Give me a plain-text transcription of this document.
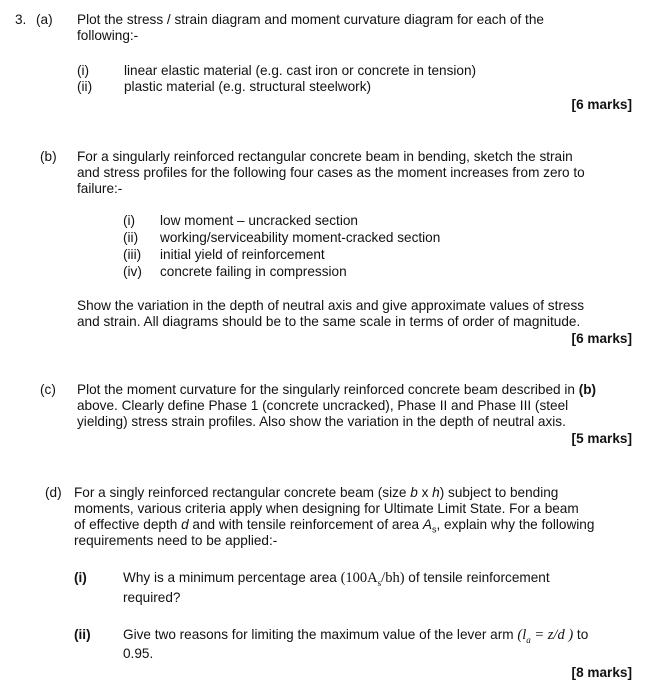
3. (a) Plot the stress / strain diagram and moment curvature diagram for each of the
following:-
(i)	linear elastic material (e.g. cast iron or concrete in tension)
(ii) plastic material (e.g. structural steelwork)
[6 marks]
(b) For a singularly reinforced rectangular concrete beam in bending, sketch the strain
and stress profiles for the following four cases as the moment increases from zero to
failure:-
(i) low moment – uncracked section
(ii) working/serviceability moment-cracked section
(iii) initial yield of reinforcement
(iv) concrete failing in compression
Show the variation in the depth of neutral axis and give approximate values of stress
and strain. All diagrams should be to the same scale in terms of order of magnitude.
[6 marks]
(c) Plot the moment curvature for the singularly reinforced concrete beam described in (b)
above. Clearly define Phase 1 (concrete uncracked), Phase II and Phase III (steel
yielding) stress strain profiles. Also show the variation in the depth of neutral axis.
[5 marks]
(d) For a singly reinforced rectangular concrete beam (size b x h) subject to bending
moments, various criteria apply when designing for Ultimate Limit State. For a beam
of effective depth d and with tensile reinforcement of area $A_s$, explain why the following
requirements need to be applied:-
(i)	Why is a minimum percentage area $(100A_s/bh)$ of tensile reinforcement
required?
(ii) Give two reasons for limiting the maximum value of the lever arm ($l_a = z/d$ ) to
0.95.
[8 marks]
